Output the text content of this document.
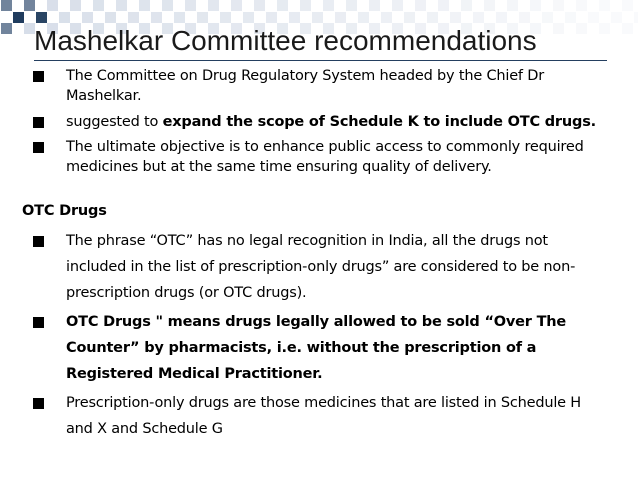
Mashelkar Committee recommendations
The Committee on Drug Regulatory System headed by the Chief Dr Mashelkar.
suggested to expand the scope of Schedule K to include OTC drugs.
The ultimate objective is to enhance public access to commonly required medicines but at the same time ensuring quality of delivery.
OTC Drugs
The phrase “OTC” has no legal recognition in India, all the drugs not included in the list of prescription-only drugs” are considered to be non-prescription drugs (or OTC drugs).
OTC Drugs " means drugs legally allowed to be sold “Over The Counter” by pharmacists, i.e. without the prescription of a Registered Medical Practitioner.
Prescription-only drugs are those medicines that are listed in Schedule H and X and Schedule G
